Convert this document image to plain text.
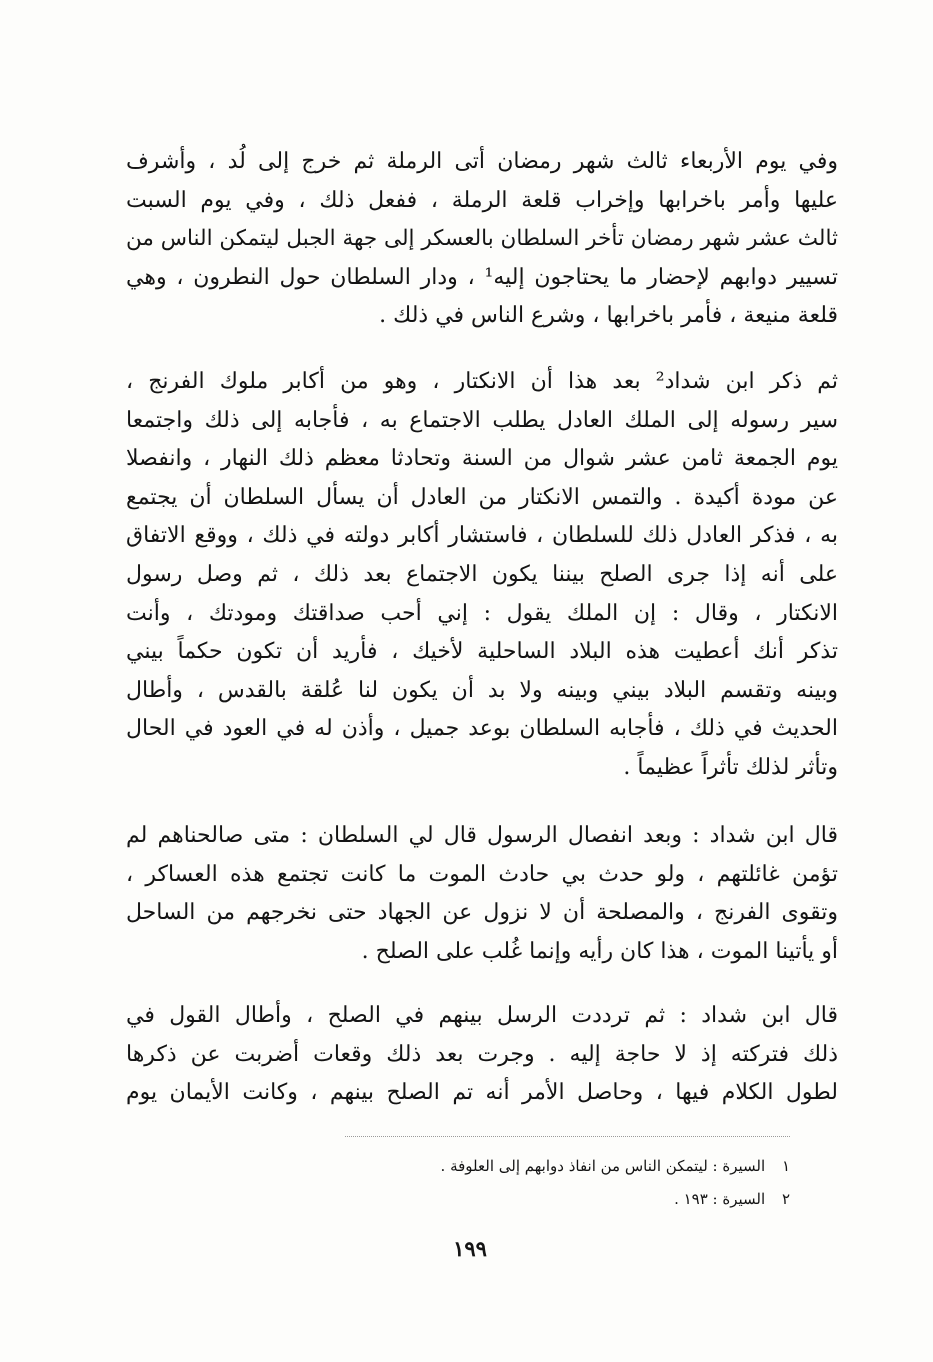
وفي يوم الأربعاء ثالث شهر رمضان أتى الرملة ثم خرج إلى لُد ، وأشرف
عليها وأمر باخرابها وإخراب قلعة الرملة ، ففعل ذلك ، وفي يوم السبت
ثالث عشر شهر رمضان تأخر السلطان بالعسكر إلى جهة الجبل ليتمكن الناس من
تسيير دوابهم لإحضار ما يحتاجون إليه¹ ، ودار السلطان حول النطرون ، وهي
قلعة منيعة ، فأمر باخرابها ، وشرع الناس في ذلك .
ثم ذكر ابن شداد² بعد هذا أن الانكتار ، وهو من أكابر ملوك الفرنج ،
سير رسوله إلى الملك العادل يطلب الاجتماع به ، فأجابه إلى ذلك واجتمعا
يوم الجمعة ثامن عشر شوال من السنة وتحادثا معظم ذلك النهار ، وانفصلا
عن مودة أكيدة . والتمس الانكتار من العادل أن يسأل السلطان أن يجتمع
به ، فذكر العادل ذلك للسلطان ، فاستشار أكابر دولته في ذلك ، ووقع الاتفاق
على أنه إذا جرى الصلح بيننا يكون الاجتماع بعد ذلك ، ثم وصل رسول
الانكتار ، وقال : إن الملك يقول : إني أحب صداقتك ومودتك ، وأنت
تذكر أنك أعطيت هذه البلاد الساحلية لأخيك ، فأريد أن تكون حكماً بيني
وبينه وتقسم البلاد بيني وبينه ولا بد أن يكون لنا عُلقة بالقدس ، وأطال
الحديث في ذلك ، فأجابه السلطان بوعد جميل ، وأذن له في العود في الحال
وتأثر لذلك تأثراً عظيماً .
قال ابن شداد : وبعد انفصال الرسول قال لي السلطان : متى صالحناهم لم
تؤمن غائلتهم ، ولو حدث بي حادث الموت ما كانت تجتمع هذه العساكر ،
وتقوى الفرنج ، والمصلحة أن لا نزول عن الجهاد حتى نخرجهم من الساحل
أو يأتينا الموت ، هذا كان رأيه وإنما غُلب على الصلح .
قال ابن شداد : ثم ترددت الرسل بينهم في الصلح ، وأطال القول في
ذلك فتركته إذ لا حاجة إليه . وجرت بعد ذلك وقعات أضربت عن ذكرها
لطول الكلام فيها ، وحاصل الأمر أنه تم الصلح بينهم ، وكانت الأيمان يوم
١ السيرة : ليتمكن الناس من انفاذ دوابهم إلى العلوفة .
٢ السيرة : ١٩٣ .
١٩٩
